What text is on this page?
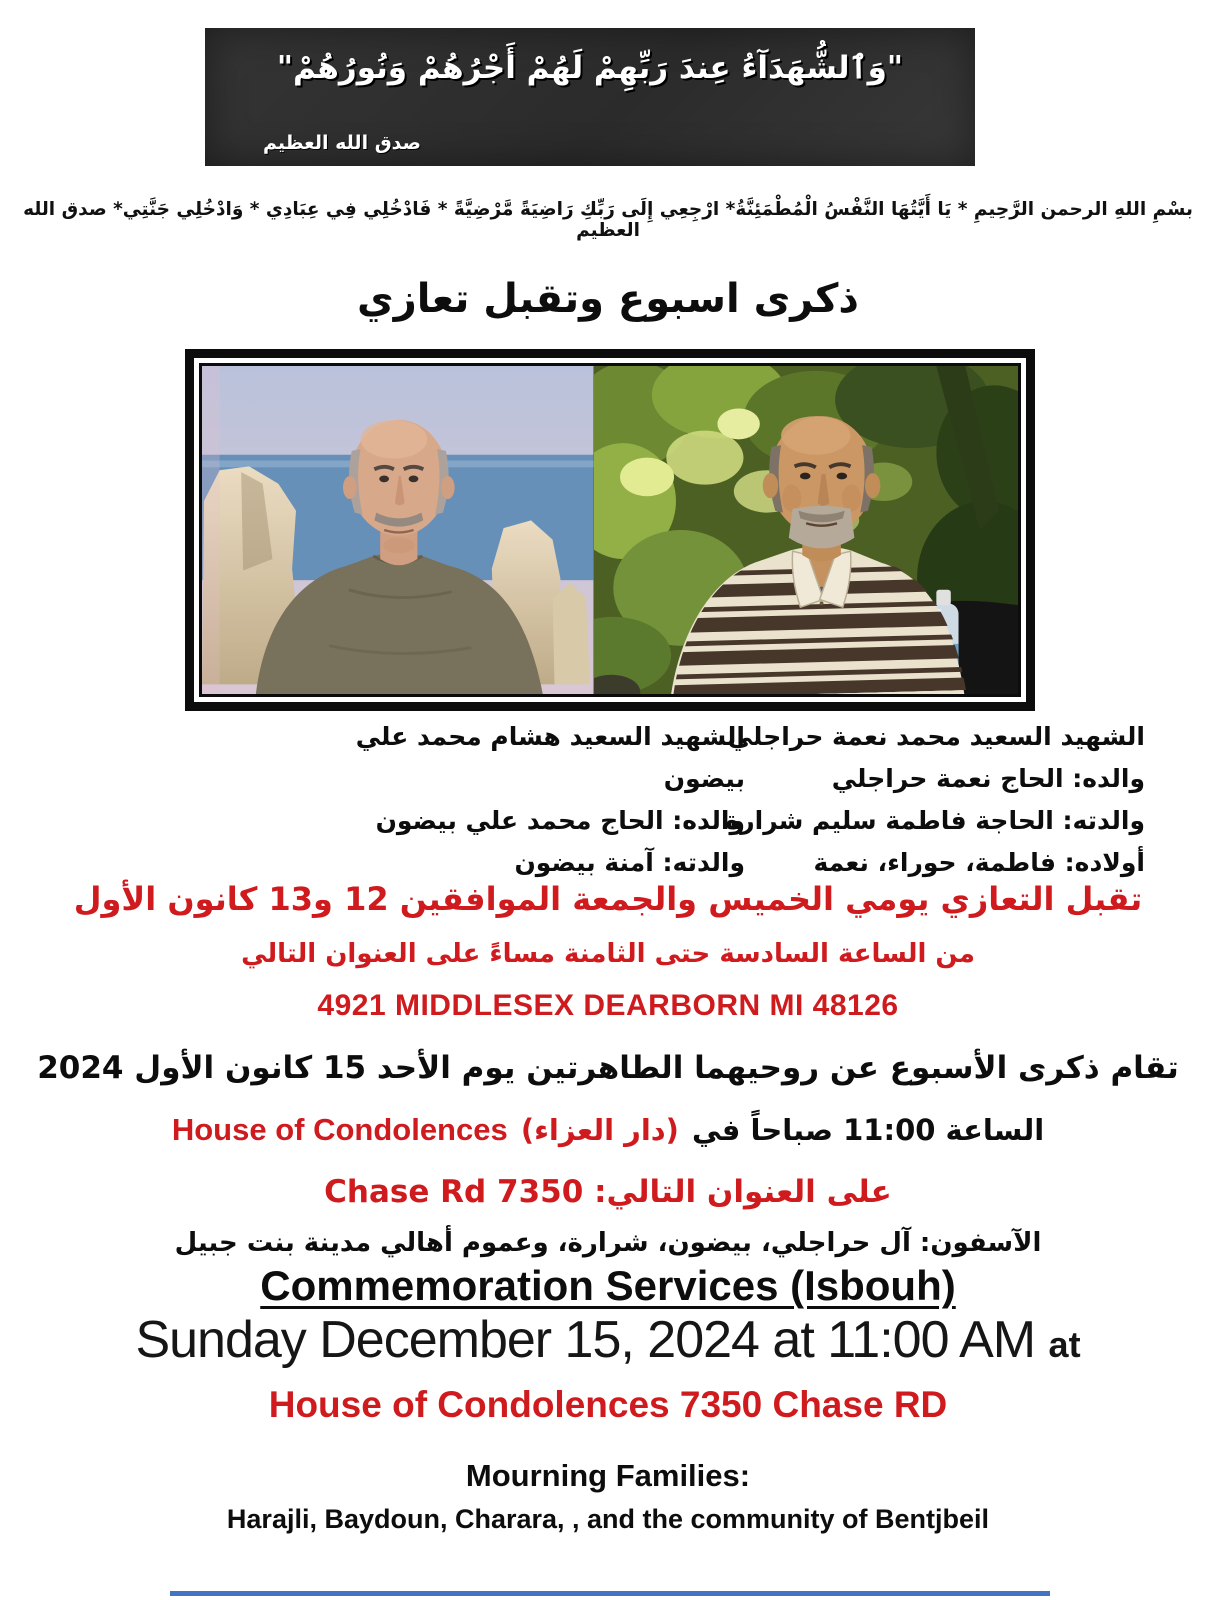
"وَٱلشُّهَدَآءُ عِندَ رَبِّهِمْ لَهُمْ أَجْرُهُمْ وَنُورُهُمْ"
صدق الله العظيم
بسْمِ اللهِ الرحمن الرَّحِيمِ * يَا أَيَّتُهَا النَّفْسُ الْمُطْمَئِنَّةُ* ارْجِعِي إِلَى رَبِّكِ رَاضِيَةً مَّرْضِيَّةً * فَادْخُلِي فِي عِبَادِي * وَادْخُلِي جَنَّتِي* صدق الله العظيم
ذكرى اسبوع وتقبل تعازي
الشهيد السعيد محمد نعمة حراجلي
والده: الحاج نعمة حراجلي
والدته: الحاجة فاطمة سليم شرارة
أولاده: فاطمة، حوراء، نعمة
الشهيد السعيد هشام محمد علي بيضون
والده: الحاج محمد علي بيضون
والدته: آمنة بيضون
تقبل التعازي يومي الخميس والجمعة الموافقين 12 و13 كانون الأول
من الساعة السادسة حتى الثامنة مساءً على العنوان التالي
4921 MIDDLESEX DEARBORN MI 48126
تقام ذكرى الأسبوع عن روحيهما الطاهرتين يوم الأحد 15 كانون الأول 2024
الساعة 11:00 صباحاً في (دار العزاء) House of Condolences
على العنوان التالي: 7350 Chase Rd
الآسفون: آل حراجلي، بيضون، شرارة، وعموم أهالي مدينة بنت جبيل
Commemoration Services (Isbouh)
Sunday December 15, 2024 at 11:00 AM at
House of Condolences 7350 Chase RD
Mourning Families:
Harajli, Baydoun, Charara, , and the community of Bentjbeil
